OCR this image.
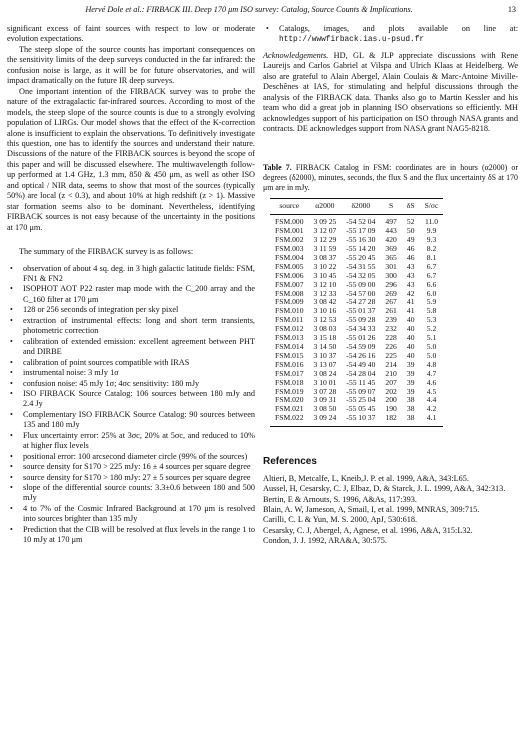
Hervé Dole et al.: FIRBACK III. Deep 170 μm ISO survey: Catalog, Source Counts & Implications.	13

significant excess of faint sources with respect to low or moderate evolution expectations.

The steep slope of the source counts has important consequences on the sensitivity limits of the deep surveys conducted in the far infrared: the confusion noise is large, as it will be for future observatories, and will impact dramatically on the future IR deep surveys.

One important intention of the FIRBACK survey was to probe the nature of the extragalactic far-infrared sources. According to most of the models, the steep slope of the source counts is due to a strongly evolving population of LIRGs. Our model shows that the effect of the K-correction alone is insufficient to explain the observations. To definitively investigate this question, one has to identify the sources and understand their nature. Discussions of the nature of the FIRBACK sources is beyond the scope of this paper and will be discussed elsewhere. The multiwavelength follow-up performed at 1.4 GHz, 1.3 mm, 850 & 450 μm, as well as other ISO and optical / NIR data, seems to show that most of the sources (typically 50%) are local (z < 0.3), and about 10% at high redshift (z > 1). Massive star formation seems also to be dominant. Nevertheless, identifying FIRBACK sources is not easy because of the uncertainty in the positions at 170 μm.

The summary of the FIRBACK survey is as follows:

• observation of about 4 sq. deg. in 3 high galactic latitude fields: FSM, FN1 & FN2
• ISOPHOT AOT P22 raster map mode with the C_200 array and the C_160 filter at 170 μm
• 128 or 256 seconds of integration per sky pixel
• extraction of instrumental effects: long and short term transients, photometric correction
• calibration of extended emission: excellent agreement between PHT and DIRBE
• calibration of point sources compatible with IRAS
• instrumental noise: 3 mJy 1σ
• confusion noise: 45 mJy 1σ; 4σc sensitivity: 180 mJy
• ISO FIRBACK Source Catalog: 106 sources between 180 mJy and 2.4 Jy
• Complementary ISO FIRBACK Source Catalog: 90 sources between 135 and 180 mJy
• Flux uncertainty error: 25% at 3σc, 20% at 5σc, and reduced to 10% at higher flux levels
• positional error: 100 arcsecond diameter circle (99% of the sources)
• source density for S170 > 225 mJy: 16 ± 4 sources per square degree
• source density for S170 > 180 mJy: 27 ± 5 sources per square degree
• slope of the differential source counts: 3.3±0.6 between 180 and 500 mJy
• 4 to 7% of the Cosmic Infrared Background at 170 μm is resolved into sources brighter than 135 mJy
• Prediction that the CIB will be resolved at flux levels in the range 1 to 10 mJy at 170 μm
• Catalogs, images, and plots available on line at: http://wwwfirback.ias.u-psud.fr

Acknowledgements. HD, GL & JLP appreciate discussions with Rene Laureijs and Carlos Gabriel at Vilspa and Ulrich Klaas at Heidelberg. We also are grateful to Alain Abergel, Alain Coulais & Marc-Antoine Miville-Deschênes at IAS, for stimulating and helpful discussions through the analysis of the FIRBACK data. Thanks also go to Martin Kessler and his team who did a great job in planning ISO observations so efficiently. MH acknowledges support of his participation on ISO through NASA grants and contracts. DE acknowledges support from NASA grant NAG5-8218.

Table 7. FIRBACK Catalog in FSM: coordinates are in hours (α2000) or degrees (δ2000), minutes, seconds, the flux S and the flux uncertainty δS at 170 μm are in mJy.

source	α2000	δ2000	S	δS	S/σc
FSM.000	3 09 25	-54 52 04	497	52	11.0
FSM.001	3 12 07	-55 17 09	443	50	9.9
FSM.002	3 12 29	-55 16 30	420	49	9.3
FSM.003	3 11 59	-55 14 20	369	46	8.2
FSM.004	3 08 37	-55 20 45	365	46	8.1
FSM.005	3 10 22	-54 31 55	301	43	6.7
FSM.006	3 10 45	-54 32 05	300	43	6.7
FSM.007	3 12 10	-55 09 00	296	43	6.6
FSM.008	3 12 33	-54 57 00	269	42	6.0
FSM.009	3 08 42	-54 27 28	267	41	5.9
FSM.010	3 10 16	-55 01 37	261	41	5.8
FSM.011	3 12 53	-55 09 28	239	40	5.3
FSM.012	3 08 03	-54 34 33	232	40	5.2
FSM.013	3 15 18	-55 01 26	228	40	5.1
FSM.014	3 14 50	-54 59 09	226	40	5.0
FSM.015	3 10 37	-54 26 16	225	40	5.0
FSM.016	3 13 07	-54 49 40	214	39	4.8
FSM.017	3 08 24	-54 28 04	210	39	4.7
FSM.018	3 10 01	-55 11 45	207	39	4.6
FSM.019	3 07 28	-55 09 07	202	39	4.5
FSM.020	3 09 31	-55 25 04	200	38	4.4
FSM.021	3 08 50	-55 05 45	190	38	4.2
FSM.022	3 09 24	-55 10 37	182	38	4.1
References

Altieri, B, Metcalfe, L, Kneib,J. P. et al. 1999, A&A, 343:L65.

Aussel, H, Cesarsky, C. J, Elbaz, D, & Starck, J. L. 1999, A&A, 342:313.

Bertin, E & Arnouts, S. 1996, A&As, 117:393.

Blain, A. W, Jameson, A, Smail, I, et al. 1999, MNRAS, 309:715.

Carilli, C. L & Yun, M. S. 2000, ApJ, 530:618.

Cesarsky, C. J, Abergel, A, Agnese, et al. 1996, A&A, 315:L32.

Condon, J. J. 1992, ARA&A, 30:575.
